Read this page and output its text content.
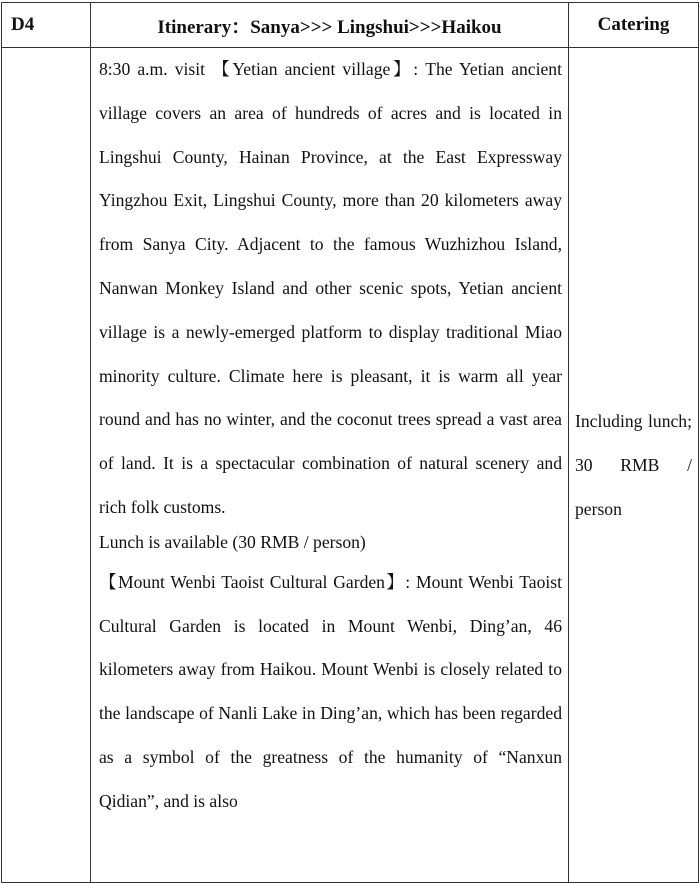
D4	Itinerary：Sanya>>> Lingshui>>>Haikou	Catering

	8:30 a.m. visit 【Yetian ancient village】: The Yetian ancient village covers an area of hundreds of acres and is located in Lingshui County, Hainan Province, at the East Expressway Yingzhou Exit, Lingshui County, more than 20 kilometers away from Sanya City. Adjacent to the famous Wuzhizhou Island, Nanwan Monkey Island and other scenic spots, Yetian ancient village is a newly-emerged platform to display traditional Miao minority culture. Climate here is pleasant, it is warm all year round and has no winter, and the coconut trees spread a vast area of land. It is a spectacular combination of natural scenery and rich folk customs.

Lunch is available (30 RMB / person)

【Mount Wenbi Taoist Cultural Garden】: Mount Wenbi Taoist Cultural Garden is located in Mount Wenbi, Ding’an, 46 kilometers away from Haikou. Mount Wenbi is closely related to the landscape of Nanli Lake in Ding’an, which has been regarded as a symbol of the greatness of the humanity of “Nanxun Qidian”, and is also	Including lunch; 30 RMB / person
